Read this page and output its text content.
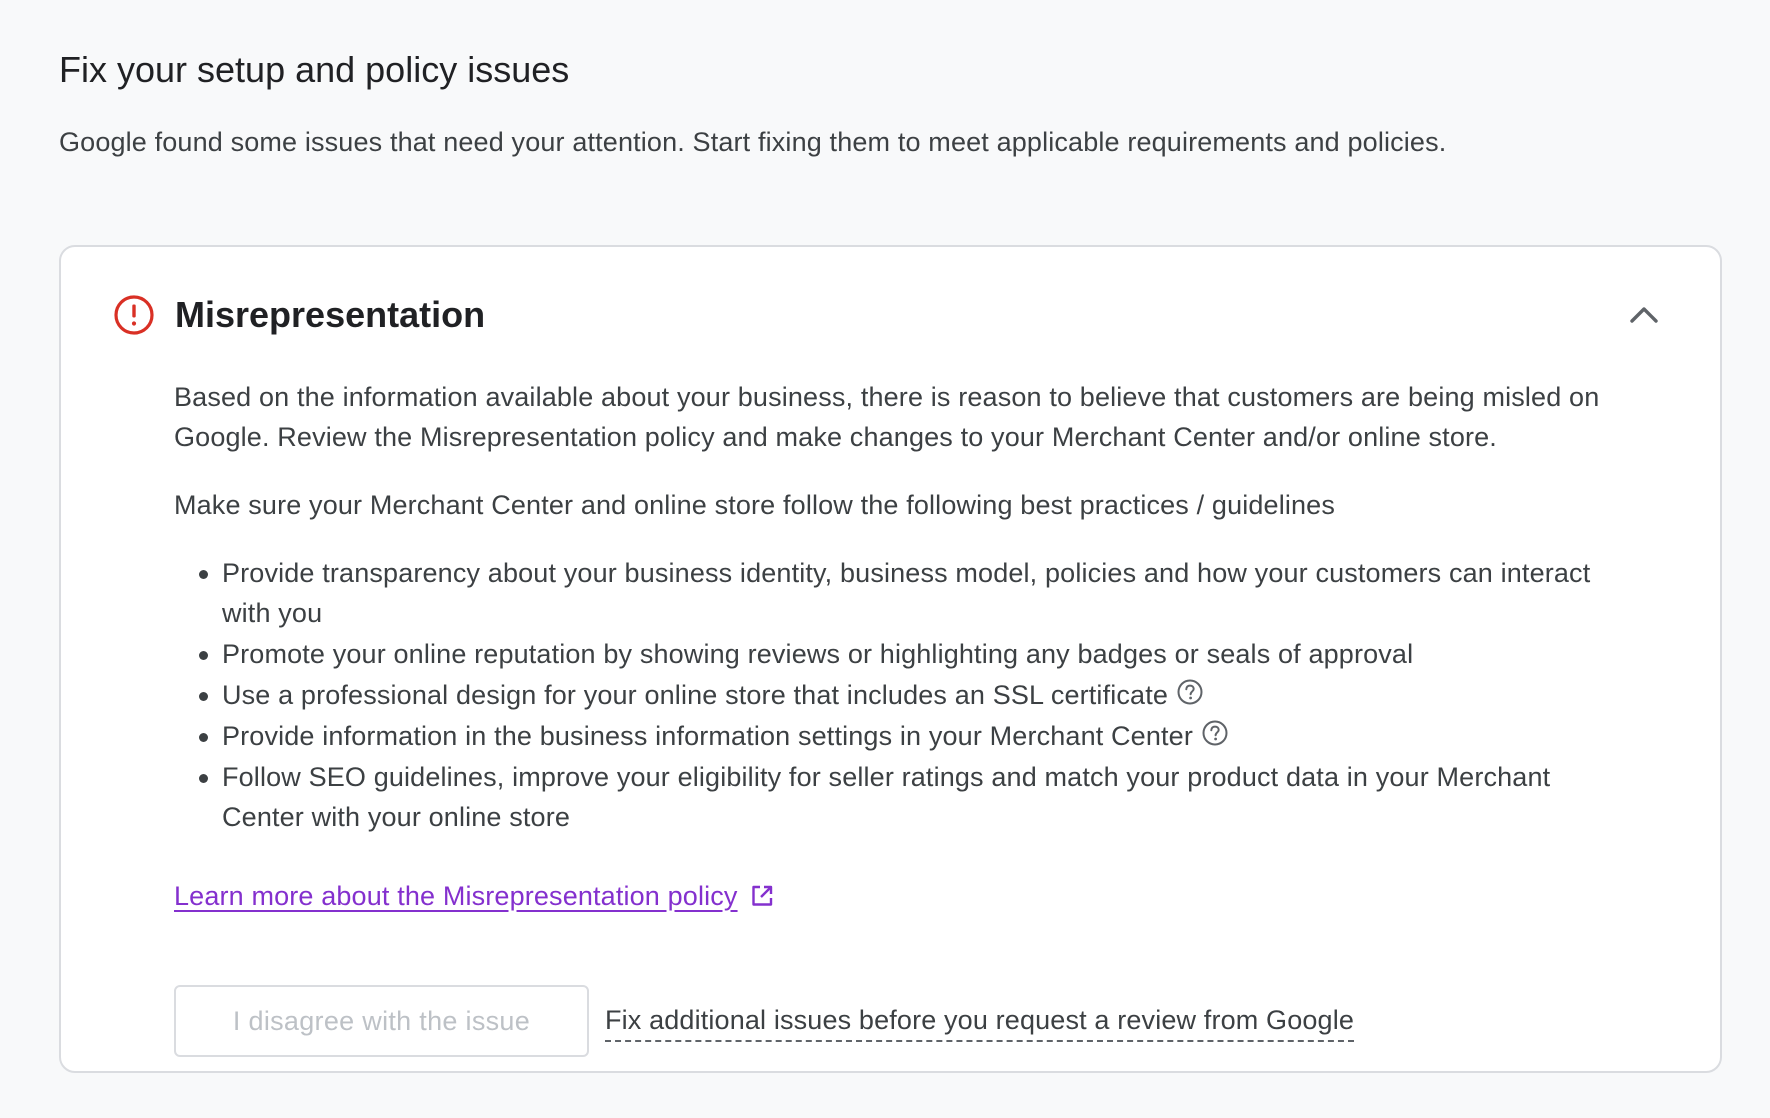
Fix your setup and policy issues

Google found some issues that need your attention. Start fixing them to meet applicable requirements and policies.

Misrepresentation

Based on the information available about your business, there is reason to believe that customers are being misled on Google. Review the Misrepresentation policy and make changes to your Merchant Center and/or online store.

Make sure your Merchant Center and online store follow the following best practices / guidelines

Provide transparency about your business identity, business model, policies and how your customers can interact with you
Promote your online reputation by showing reviews or highlighting any badges or seals of approval
Use a professional design for your online store that includes an SSL certificate
Provide information in the business information settings in your Merchant Center
Follow SEO guidelines, improve your eligibility for seller ratings and match your product data in your Merchant Center with your online store
Learn more about the Misrepresentation policy
I disagree with the issue	Fix additional issues before you request a review from Google
